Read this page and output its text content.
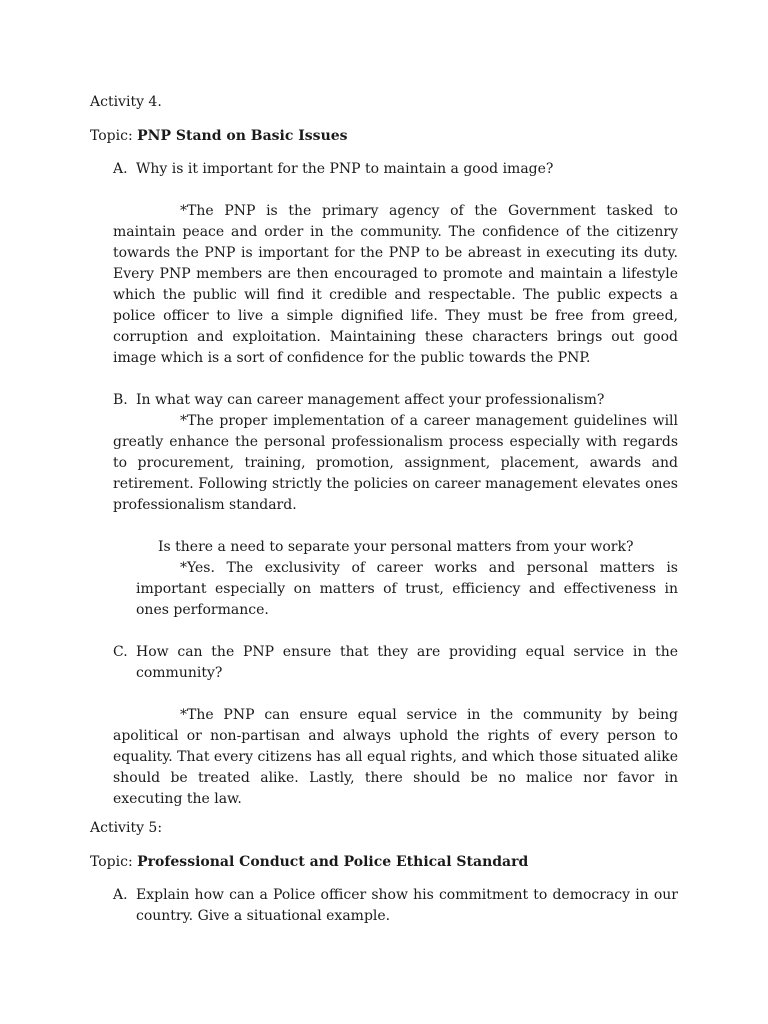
Activity 4.
Topic: PNP Stand on Basic Issues
A. Why is it important for the PNP to maintain a good image?
*The PNP is the primary agency of the Government tasked to maintain peace and order in the community. The confidence of the citizenry towards the PNP is important for the PNP to be abreast in executing its duty. Every PNP members are then encouraged to promote and maintain a lifestyle which the public will find it credible and respectable. The public expects a police officer to live a simple dignified life. They must be free from greed, corruption and exploitation. Maintaining these characters brings out good image which is a sort of confidence for the public towards the PNP.
B. In what way can career management affect your professionalism?
*The proper implementation of a career management guidelines will greatly enhance the personal professionalism process especially with regards to procurement, training, promotion, assignment, placement, awards and retirement. Following strictly the policies on career management elevates ones professionalism standard.
Is there a need to separate your personal matters from your work?
*Yes. The exclusivity of career works and personal matters is important especially on matters of trust, efficiency and effectiveness in ones performance.
C. How can the PNP ensure that they are providing equal service in the community?
*The PNP can ensure equal service in the community by being apolitical or non-partisan and always uphold the rights of every person to equality. That every citizens has all equal rights, and which those situated alike should be treated alike. Lastly, there should be no malice nor favor in executing the law.
Activity 5:
Topic: Professional Conduct and Police Ethical Standard
A. Explain how can a Police officer show his commitment to democracy in our country. Give a situational example.
